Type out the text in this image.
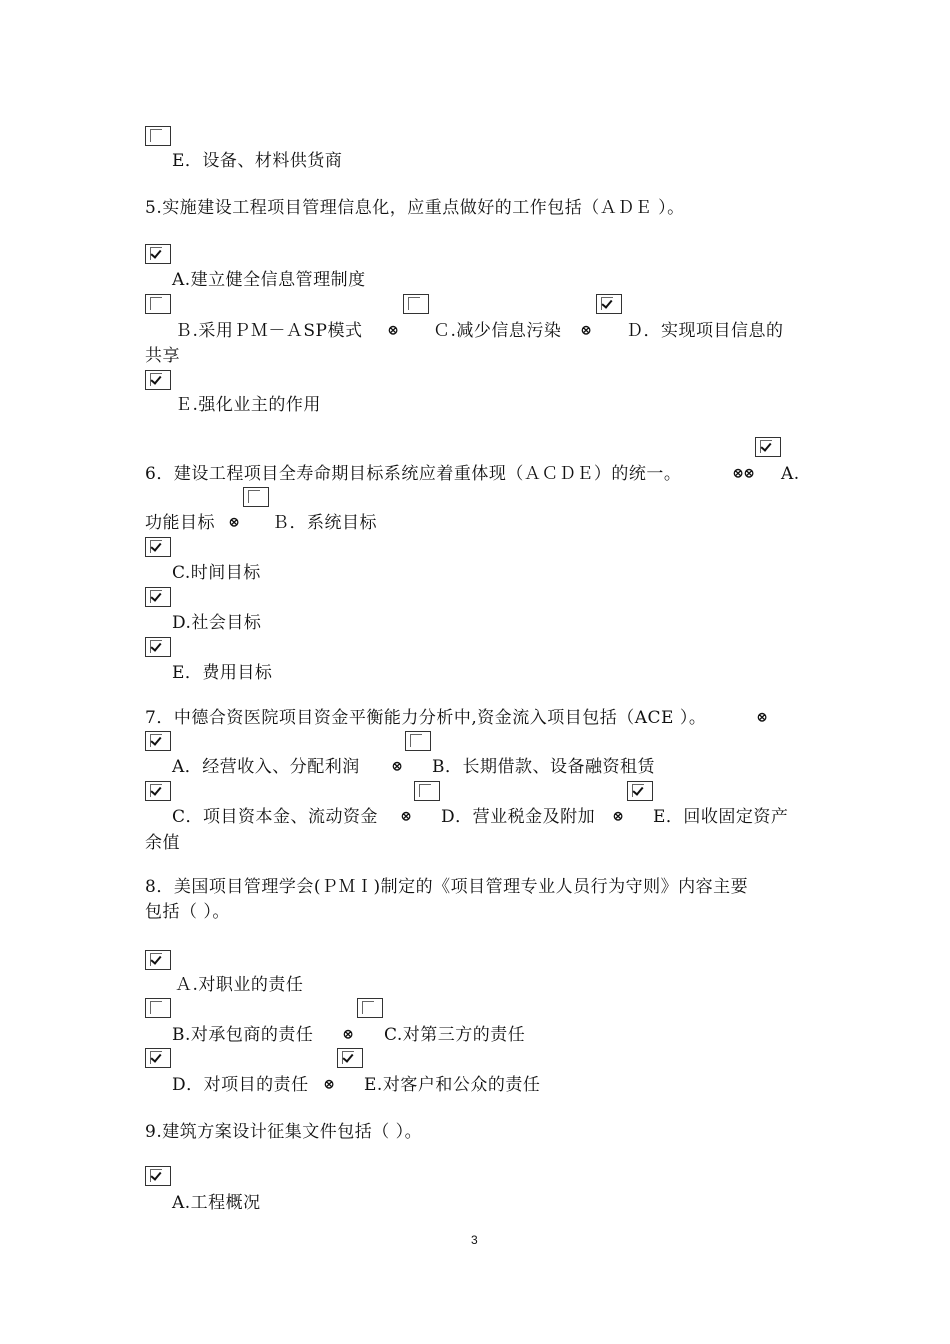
E．设备、材料供货商
5.实施建设工程项目管理信息化，应重点做好的工作包括（ＡＤＥ ）。
A.建立健全信息管理制度
Ｂ.采用ＰＭ－ＡSP模式 ꕕ Ｃ.减少信息污染 ꕕ Ｄ．实现项目信息的
共享
Ｅ.强化业主的作用
6．建设工程项目全寿命期目标系统应着重体现（ＡＣＤＥ）的统一。	ꕕ ꕕ A.
功能目标 ꕕ Ｂ．系统目标
C.时间目标
D.社会目标
E．费用目标
7．中德合资医院项目资金平衡能力分析中,资金流入项目包括（ACE ）。	ꕕ
A．经营收入、分配利润 ꕕ B．长期借款、设备融资租赁
C．项目资本金、流动资金 ꕕ D．营业税金及附加 ꕕ E．回收固定资产
余值
8．美国项目管理学会(ＰＭＩ)制定的《项目管理专业人员行为守则》内容主要
包括（ ）。
Ａ.对职业的责任
B.对承包商的责任 ꕕ C.对第三方的责任
D．对项目的责任 ꕕ E.对客户和公众的责任
9.建筑方案设计征集文件包括（ ）。
A.工程概况
3
